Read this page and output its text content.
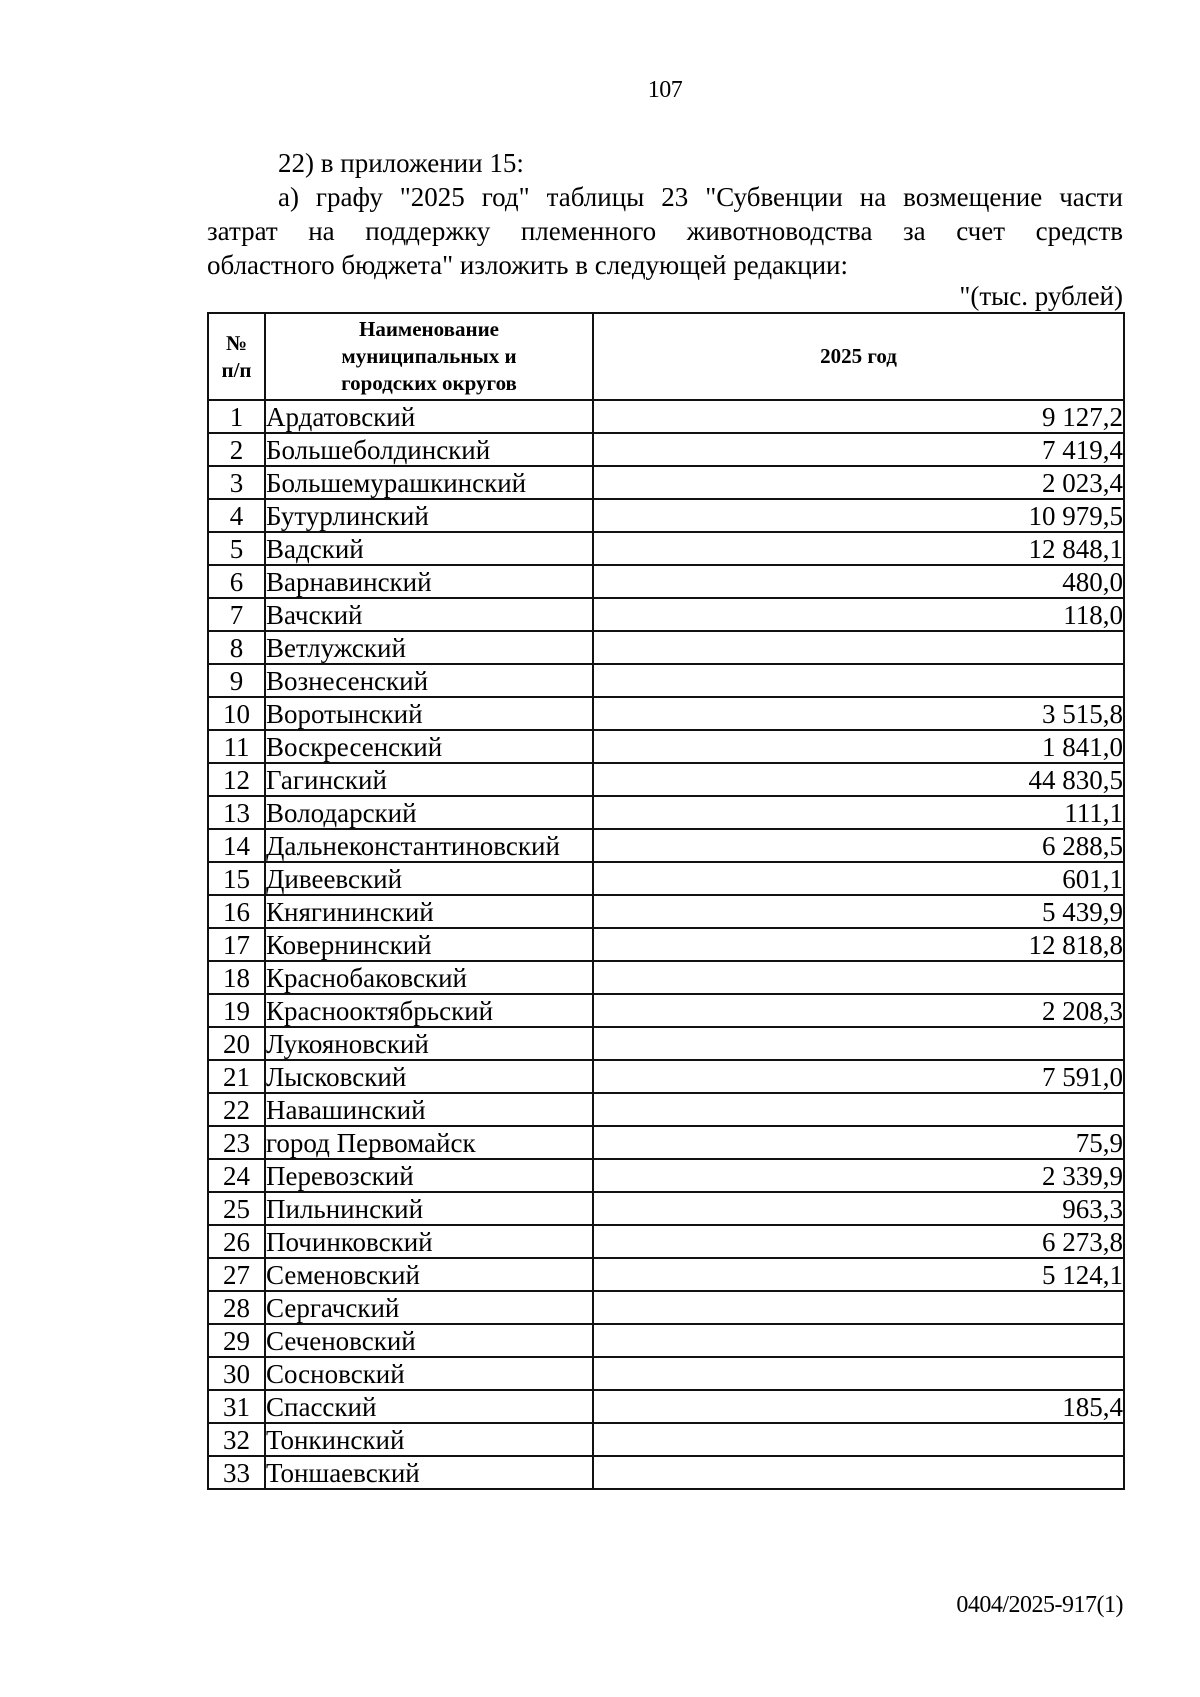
107
22) в приложении 15:
а) графу "2025 год" таблицы 23 "Субвенции на возмещение части
затрат на поддержку племенного животноводства за счет средств
областного бюджета" изложить в следующей редакции:
"(тыс. рублей)
№ п/п	Наименование муниципальных и городских округов	2025 год
1	Ардатовский	9 127,2
2	Большеболдинский	7 419,4
3	Большемурашкинский	2 023,4
4	Бутурлинский	10 979,5
5	Вадский	12 848,1
6	Варнавинский	480,0
7	Вачский	118,0
8	Ветлужский	
9	Вознесенский	
10	Воротынский	3 515,8
11	Воскресенский	1 841,0
12	Гагинский	44 830,5
13	Володарский	111,1
14	Дальнеконстантиновский	6 288,5
15	Дивеевский	601,1
16	Княгининский	5 439,9
17	Ковернинский	12 818,8
18	Краснобаковский	
19	Краснооктябрьский	2 208,3
20	Лукояновский	
21	Лысковский	7 591,0
22	Навашинский	
23	город Первомайск	75,9
24	Перевозский	2 339,9
25	Пильнинский	963,3
26	Починковский	6 273,8
27	Семеновский	5 124,1
28	Сергачский	
29	Сеченовский	
30	Сосновский	
31	Спасский	185,4
32	Тонкинский	
33	Тоншаевский	
0404/2025-917(1)
